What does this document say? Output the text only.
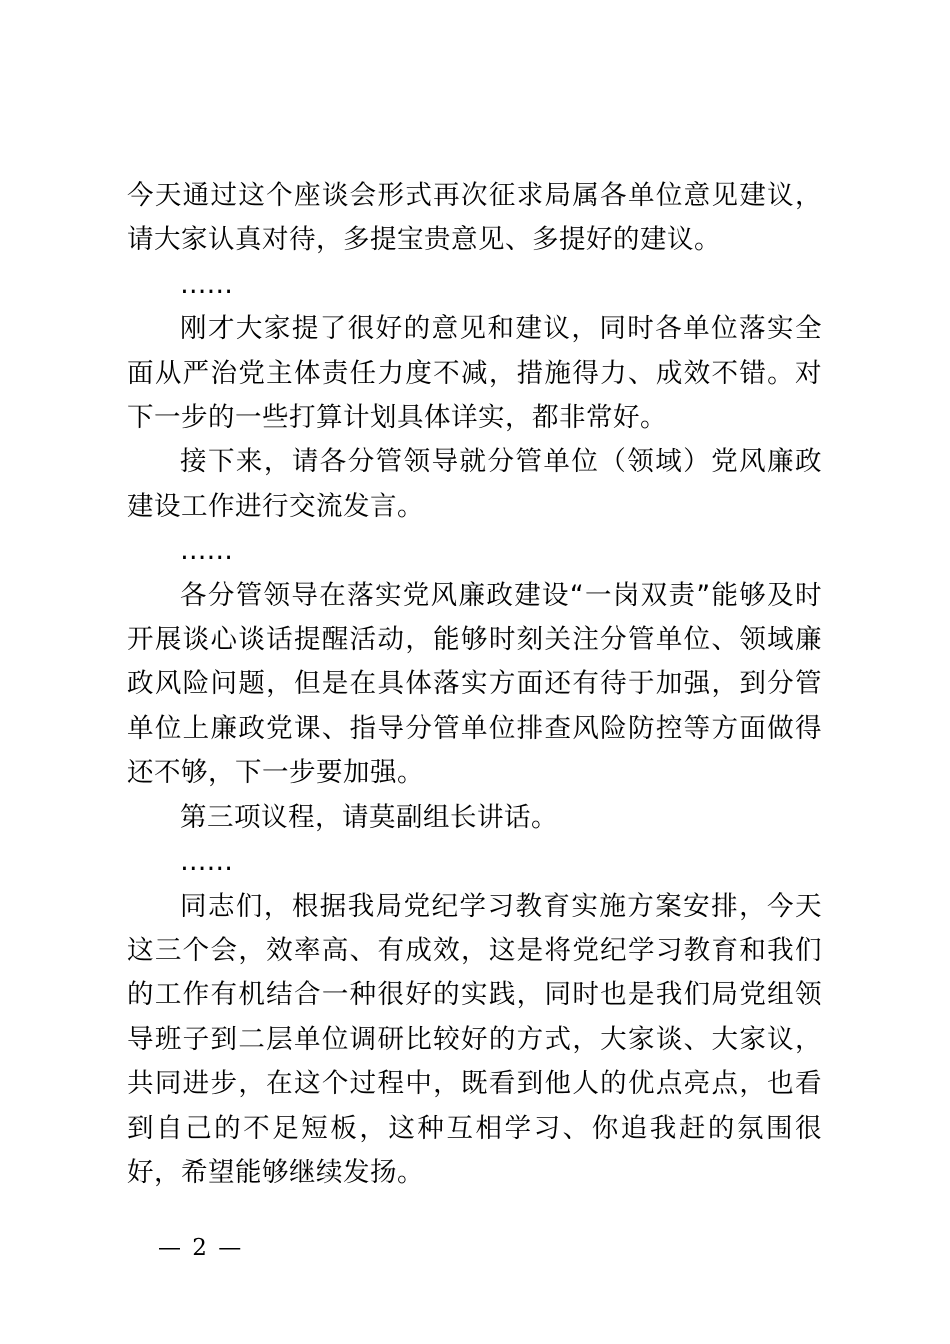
今天通过这个座谈会形式再次征求局属各单位意见建议，请大家认真对待，多提宝贵意见、多提好的建议。

……

刚才大家提了很好的意见和建议，同时各单位落实全面从严治党主体责任力度不减，措施得力、成效不错。对下一步的一些打算计划具体详实，都非常好。

接下来，请各分管领导就分管单位（领域）党风廉政建设工作进行交流发言。

……

各分管领导在落实党风廉政建设“一岗双责”能够及时开展谈心谈话提醒活动，能够时刻关注分管单位、领域廉政风险问题，但是在具体落实方面还有待于加强，到分管单位上廉政党课、指导分管单位排查风险防控等方面做得还不够，下一步要加强。

第三项议程，请莫副组长讲话。

……

同志们，根据我局党纪学习教育实施方案安排，今天这三个会，效率高、有成效，这是将党纪学习教育和我们的工作有机结合一种很好的实践，同时也是我们局党组领导班子到二层单位调研比较好的方式，大家谈、大家议，共同进步，在这个过程中，既看到他人的优点亮点，也看到自己的不足短板，这种互相学习、你追我赶的氛围很好，希望能够继续发扬。

— 2 —
